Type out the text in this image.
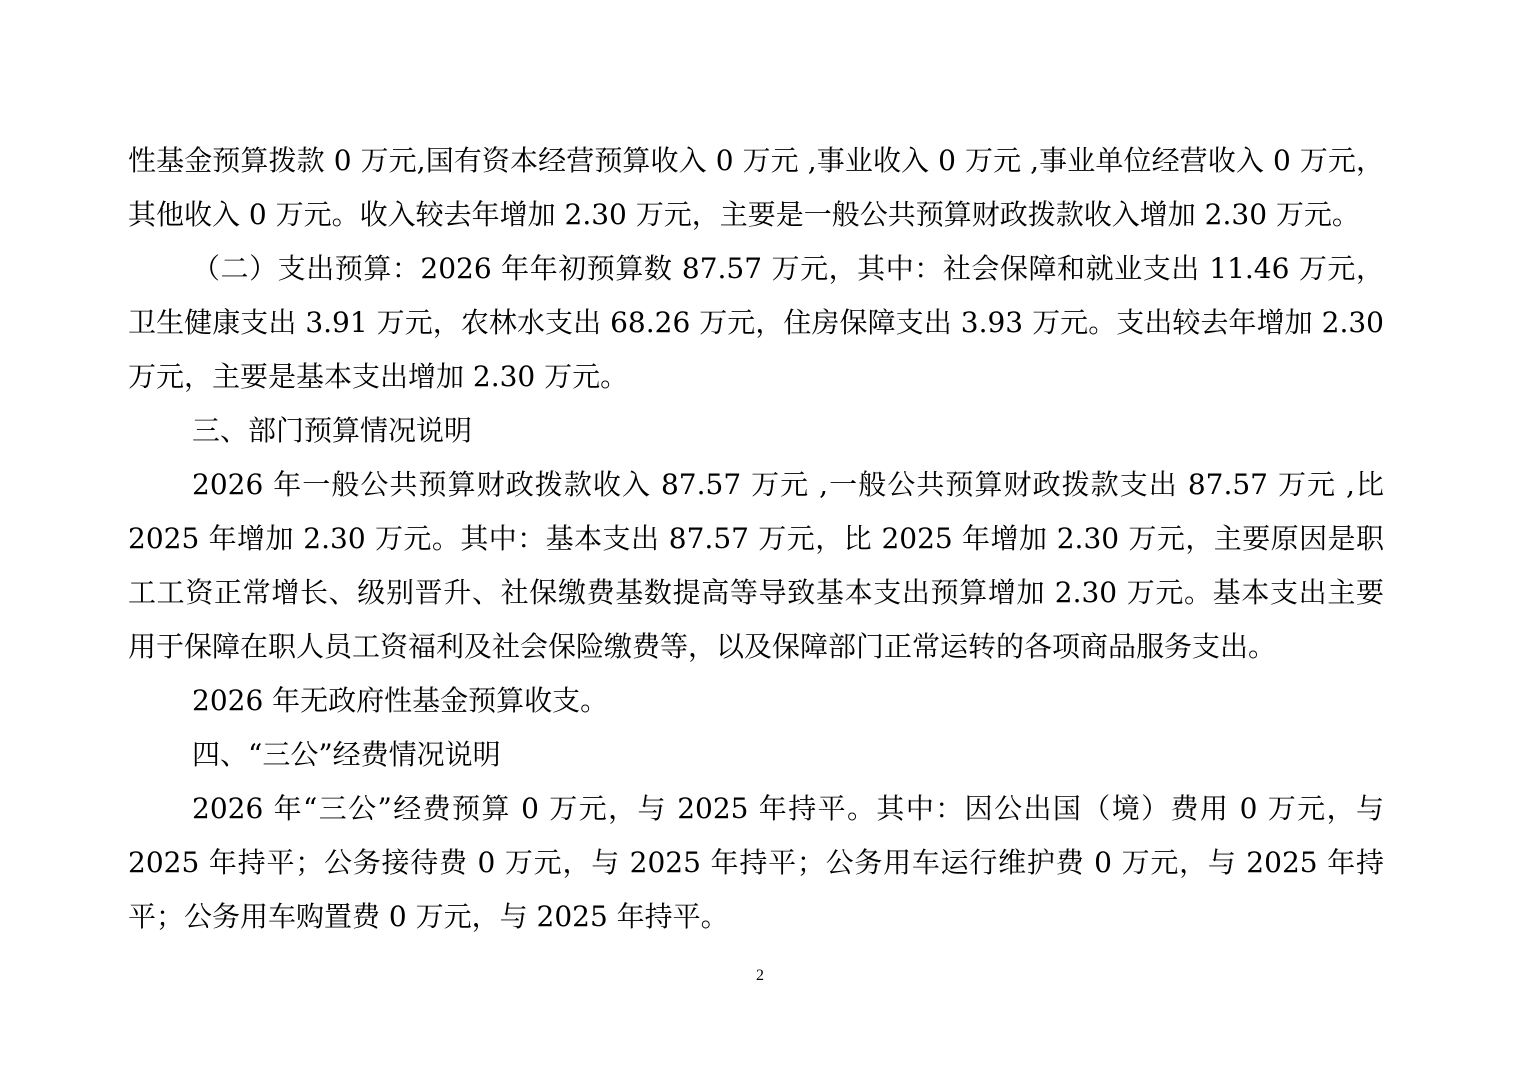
性基金预算拨款 0 万元,国有资本经营预算收入 0 万元 ,事业收入 0 万元 ,事业单位经营收入 0 万元，其他收入 0 万元。收入较去年增加 2.30 万元，主要是一般公共预算财政拨款收入增加 2.30 万元。

（二）支出预算：2026 年年初预算数 87.57 万元，其中：社会保障和就业支出 11.46 万元，卫生健康支出 3.91 万元，农林水支出 68.26 万元，住房保障支出 3.93 万元。支出较去年增加 2.30 万元，主要是基本支出增加 2.30 万元。

三、部门预算情况说明

2026 年一般公共预算财政拨款收入 87.57 万元 ,一般公共预算财政拨款支出 87.57 万元 ,比 2025 年增加 2.30 万元。其中：基本支出 87.57 万元，比 2025 年增加 2.30 万元，主要原因是职工工资正常增长、级别晋升、社保缴费基数提高等导致基本支出预算增加 2.30 万元。基本支出主要用于保障在职人员工资福利及社会保险缴费等，以及保障部门正常运转的各项商品服务支出。

2026 年无政府性基金预算收支。

四、“三公”经费情况说明

2026 年“三公”经费预算 0 万元，与 2025 年持平。其中：因公出国（境）费用 0 万元，与 2025 年持平；公务接待费 0 万元，与 2025 年持平；公务用车运行维护费 0 万元，与 2025 年持平；公务用车购置费 0 万元，与 2025 年持平。

2
